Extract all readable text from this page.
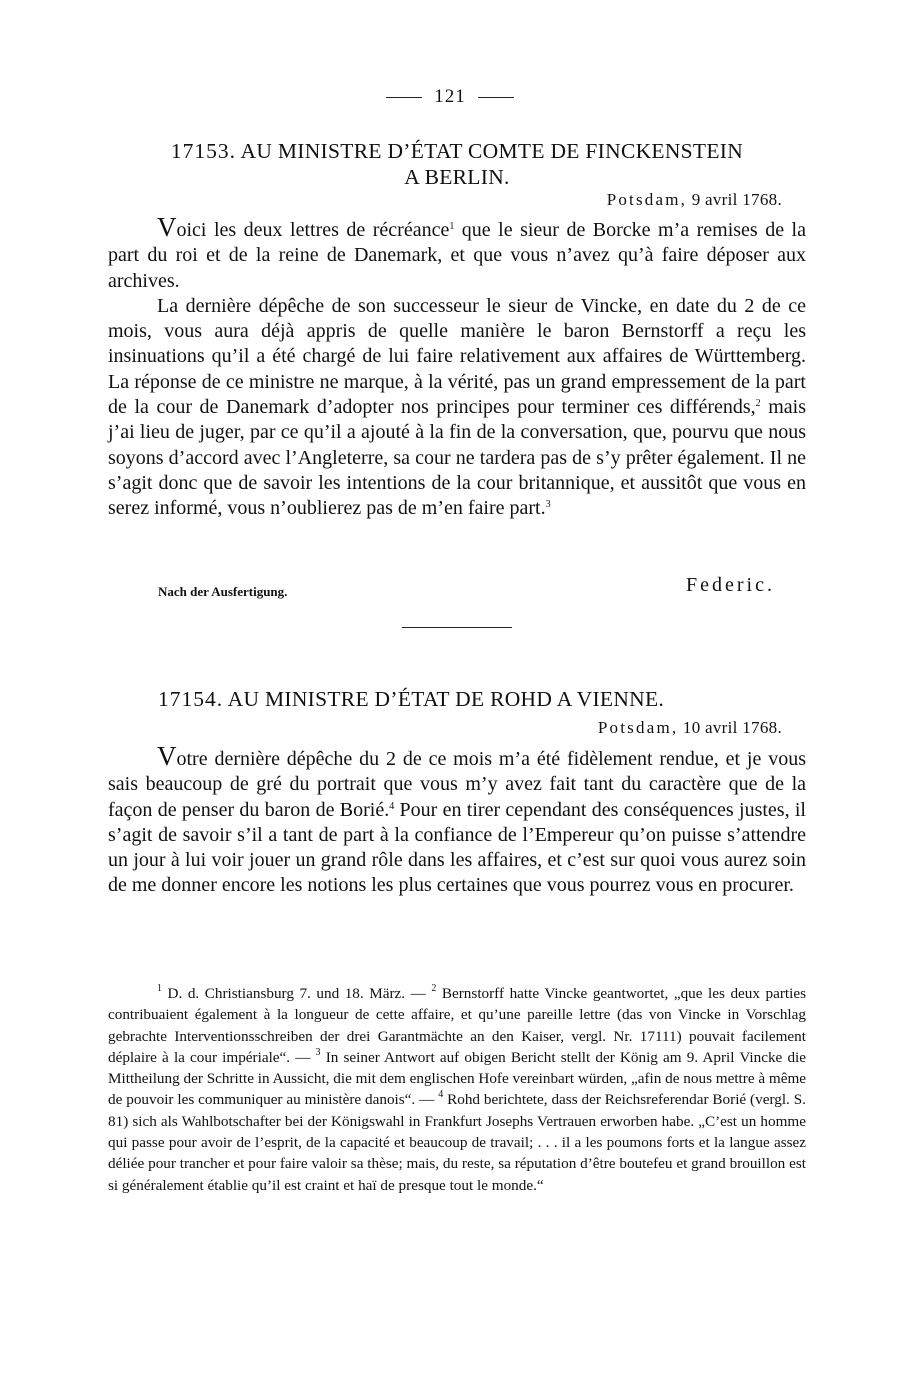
121
17153. AU MINISTRE D’ÉTAT COMTE DE FINCKENSTEIN
A BERLIN.
Potsdam, 9 avril 1768.

Voici les deux lettres de récréance$^1$ que le sieur de Borcke m’a remises de la part du roi et de la reine de Danemark, et que vous n’avez qu’à faire déposer aux archives.

La dernière dépêche de son successeur le sieur de Vincke, en date du 2 de ce mois, vous aura déjà appris de quelle manière le baron Bernstorff a reçu les insinuations qu’il a été chargé de lui faire relativement aux affaires de Württemberg. La réponse de ce ministre ne marque, à la vérité, pas un grand empressement de la part de la cour de Danemark d’adopter nos principes pour terminer ces différends,$^2$ mais j’ai lieu de juger, par ce qu’il a ajouté à la fin de la conversation, que, pourvu que nous soyons d’accord avec l’Angleterre, sa cour ne tardera pas de s’y prêter également. Il ne s’agit donc que de savoir les intentions de la cour britannique, et aussitôt que vous en serez informé, vous n’oublierez pas de m’en faire part.$^3$

Nach der Ausfertigung.	Federic.
17154. AU MINISTRE D’ÉTAT DE ROHD A VIENNE.
Potsdam, 10 avril 1768.

Votre dernière dépêche du 2 de ce mois m’a été fidèlement rendue, et je vous sais beaucoup de gré du portrait que vous m’y avez fait tant du caractère que de la façon de penser du baron de Borié.$^4$ Pour en tirer cependant des conséquences justes, il s’agit de savoir s’il a tant de part à la confiance de l’Empereur qu’on puisse s’attendre un jour à lui voir jouer un grand rôle dans les affaires, et c’est sur quoi vous aurez soin de me donner encore les notions les plus certaines que vous pourrez vous en procurer.

$^1$ D. d. Christiansburg 7. und 18. März. — $^2$ Bernstorff hatte Vincke geantwortet, „que les deux parties contribuaient également à la longueur de cette affaire, et qu’une pareille lettre (das von Vincke in Vorschlag gebrachte Interventionsschreiben der drei Garantmächte an den Kaiser, vergl. Nr. 17111) pouvait facilement déplaire à la cour impériale“. — $^3$ In seiner Antwort auf obigen Bericht stellt der König am 9. April Vincke die Mittheilung der Schritte in Aussicht, die mit dem englischen Hofe vereinbart würden, „afin de nous mettre à même de pouvoir les communiquer au ministère danois“. — $^4$ Rohd berichtete, dass der Reichsreferendar Borié (vergl. S. 81) sich als Wahlbotschafter bei der Königswahl in Frankfurt Josephs Vertrauen erworben habe. „C’est un homme qui passe pour avoir de l’esprit, de la capacité et beaucoup de travail; . . . il a les poumons forts et la langue assez déliée pour trancher et pour faire valoir sa thèse; mais, du reste, sa réputation d’être boutefeu et grand brouillon est si généralement établie qu’il est craint et haï de presque tout le monde.“
